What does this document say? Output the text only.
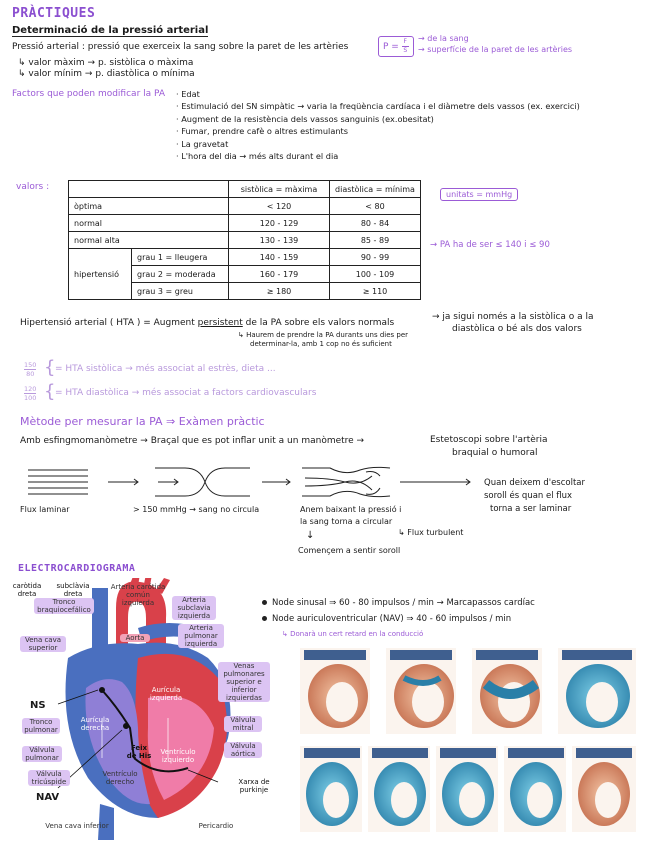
PRÀCTIQUES
Determinació de la pressió arterial
Pressió arterial : pressió que exerceix la sang sobre la paret de les artèries
↳ valor màxim → p. sistòlica o màxima
↳ valor mínim → p. diastòlica o mínima
$P = \frac{F}{S}$	→ de la sang
→ superfície de la paret de les artèries
Factors que poden modificar la PA · Edat
· Estimulació del SN simpàtic → varia la freqüència cardíaca i el diàmetre dels vassos (ex. exercici)
· Augment de la resistència dels vassos sanguinis (ex.obesitat)
· Fumar, prendre cafè o altres estimulants
· La gravetat
· L'hora del dia → més alts durant el dia
valors :
		sistòlica = màxima	diastòlica = mínima
òptima		< 120	< 80
normal		120 - 129	80 - 84
normal alta		130 - 139	85 - 89
hipertensió	grau 1 = lleugera	140 - 159	90 - 99
	grau 2 = moderada	160 - 179	100 - 109
	grau 3 = greu	≥ 180	≥ 110
unitats = mmHg
→ PA ha de ser ≤ 140 i ≤ 90
Hipertensió arterial ( HTA ) = Augment persistent de la PA sobre els valors normals
↳ Haurem de prendre la PA durants uns dies per
determinar-la, amb 1 cop no és suficient
→ ja sigui només a la sistòlica o a la
diastòlica o bé als dos valors
150
80 { = HTA sistòlica → més associat al estrès, dieta ...
120
100 { = HTA diastòlica → més associat a factors cardiovasculars
Mètode per mesurar la PA ⇒ Exàmen pràctic
Amb esfingmomanòmetre → Braçal que es pot inflar unit a un manòmetre →	Estetoscopi sobre l'artèria
braquial o humoral
Flux laminar	> 150 mmHg → sang no circula	Anem baixant la pressió i
la sang torna a circular
↳ Flux turbulent
↓
Començem a sentir soroll
Quan deixem d'escoltar
soroll és quan el flux
torna a ser laminar
ELECTROCARDIOGRAMA
Node sinusal ⇒ 60 - 80 impulsos / min → Marcapassos cardíac
Node auriculoventricular (NAV) ⇒ 40 - 60 impulsos / min
↳ Donarà un cert retard en la conducció
caròtida dreta
subclàvia dreta
Tronco braquiocefálico
Arteria carótida común izquierda	Arteria subclavia izquierda
Arteria pulmonar izquierda
Vena cava superior
Aorta
Venas pulmonares superior e inferior izquierdas
NS
Aurícula izquierda
Tronco pulmonar
Aurícula derecha
Válvula mitral
Válvula pulmonar
Feix de His	Ventrículo izquierdo
Válvula aórtica
Válvula tricúspide
Ventrículo derecho
NAV
Xarxa de purkinje
Vena cava inferior	Pericardio
